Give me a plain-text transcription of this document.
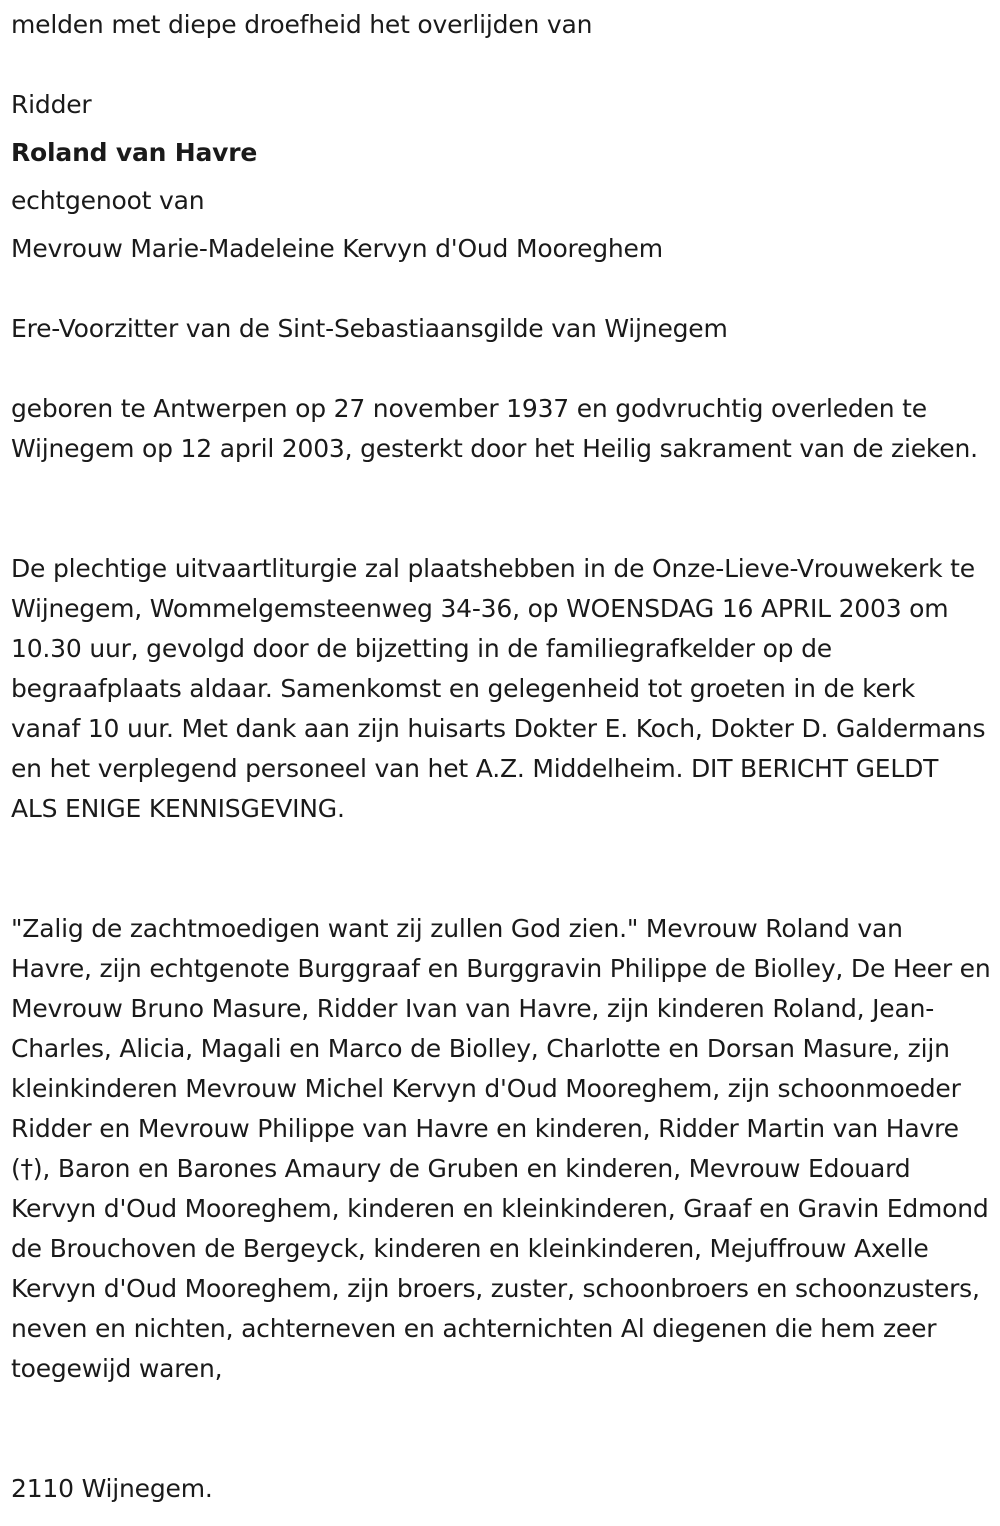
melden met diepe droefheid het overlijden van
Ridder
Roland van Havre
echtgenoot van
Mevrouw Marie-Madeleine Kervyn d'Oud Mooreghem
Ere-Voorzitter van de Sint-Sebastiaansgilde van Wijnegem
geboren te Antwerpen op 27 november 1937 en godvruchtig overleden te Wijnegem op 12 april 2003, gesterkt door het Heilig sakrament van de zieken.
De plechtige uitvaartliturgie zal plaatshebben in de Onze-Lieve-Vrouwekerk te Wijnegem, Wommelgemsteenweg 34-36, op WOENSDAG 16 APRIL 2003 om 10.30 uur, gevolgd door de bijzetting in de familiegrafkelder op de begraafplaats aldaar. Samenkomst en gelegenheid tot groeten in de kerk vanaf 10 uur. Met dank aan zijn huisarts Dokter E. Koch, Dokter D. Galdermans en het verplegend personeel van het A.Z. Middelheim. DIT BERICHT GELDT ALS ENIGE KENNISGEVING.
"Zalig de zachtmoedigen want zij zullen God zien." Mevrouw Roland van Havre, zijn echtgenote Burggraaf en Burggravin Philippe de Biolley, De Heer en Mevrouw Bruno Masure, Ridder Ivan van Havre, zijn kinderen Roland, Jean-Charles, Alicia, Magali en Marco de Biolley, Charlotte en Dorsan Masure, zijn kleinkinderen Mevrouw Michel Kervyn d'Oud Mooreghem, zijn schoonmoeder Ridder en Mevrouw Philippe van Havre en kinderen, Ridder Martin van Havre (†), Baron en Barones Amaury de Gruben en kinderen, Mevrouw Edouard Kervyn d'Oud Mooreghem, kinderen en kleinkinderen, Graaf en Gravin Edmond de Brouchoven de Bergeyck, kinderen en kleinkinderen, Mejuffrouw Axelle Kervyn d'Oud Mooreghem, zijn broers, zuster, schoonbroers en schoonzusters, neven en nichten, achterneven en achternichten Al diegenen die hem zeer toegewijd waren,
2110 Wijnegem.
